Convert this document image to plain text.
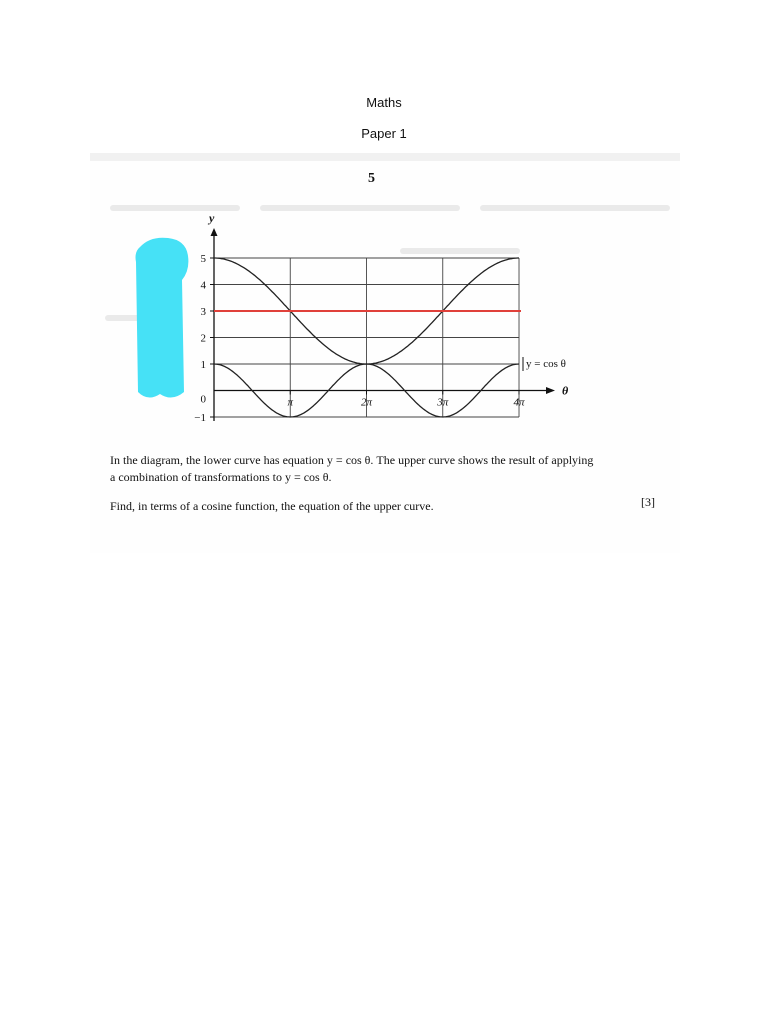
Maths
Paper 1
5
5
4
3
2
1
0
−1
π	2π	3π	4π
y
θ
y = cos θ
In the diagram, the lower curve has equation y = cos θ. The upper curve shows the result of applying
a combination of transformations to y = cos θ.
Find, in terms of a cosine function, the equation of the upper curve.	[3]
